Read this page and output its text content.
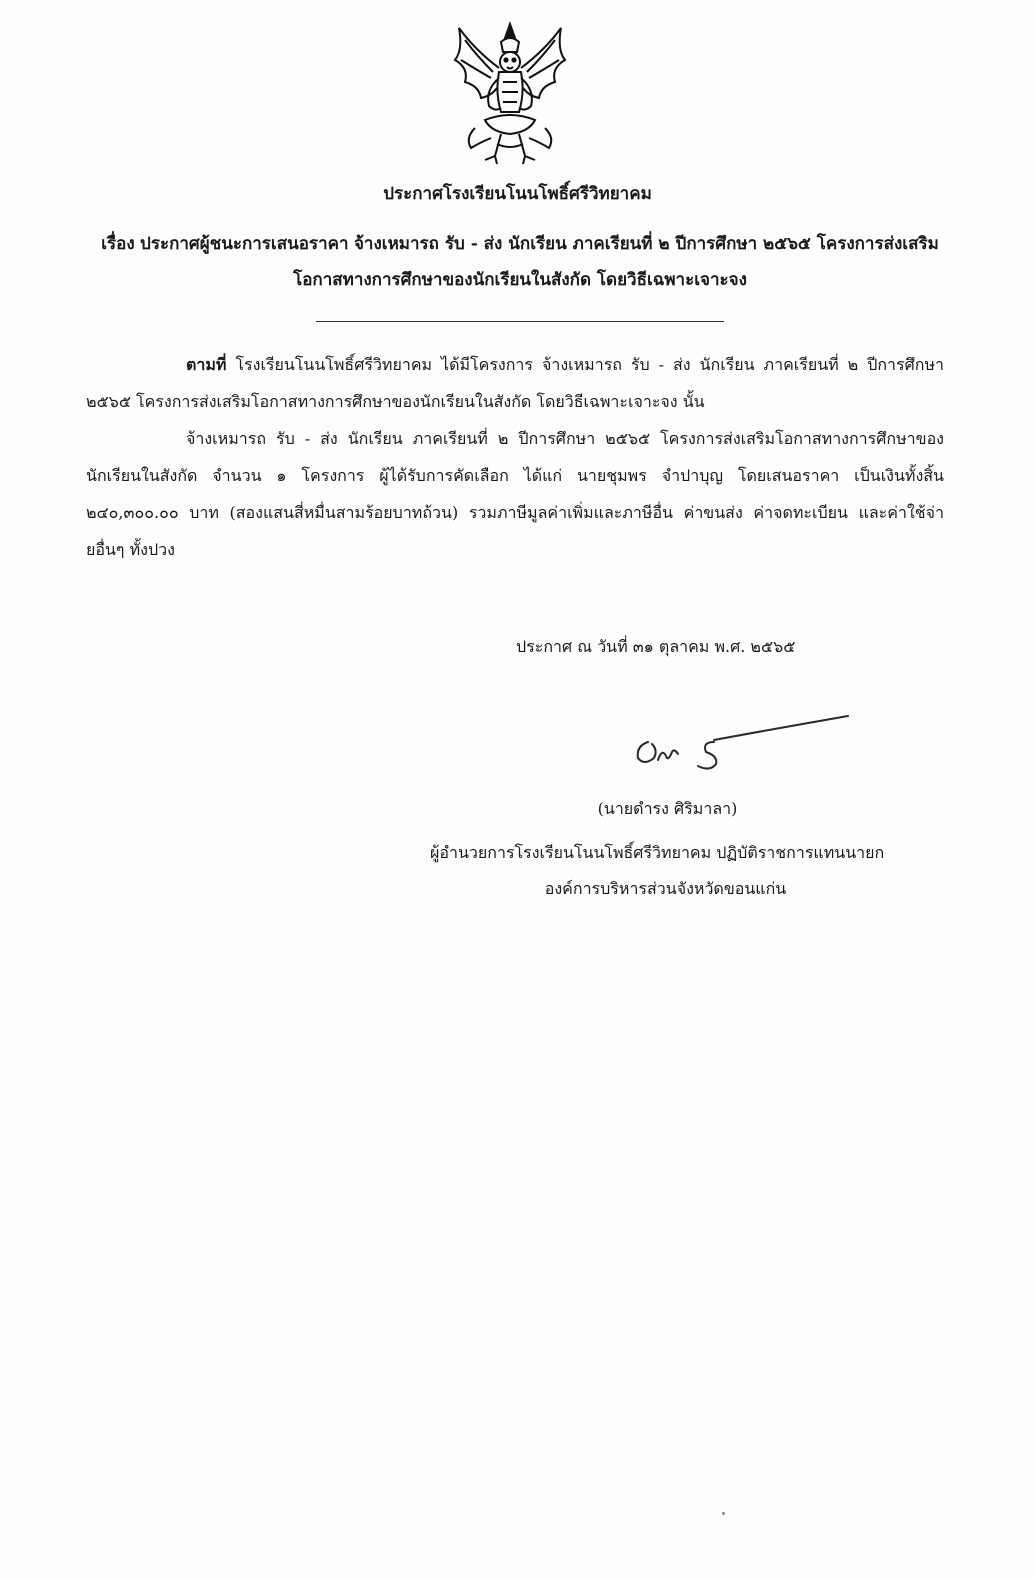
ประกาศโรงเรียนโนนโพธิ์ศรีวิทยาคม
เรื่อง ประกาศผู้ชนะการเสนอราคา จ้างเหมารถ รับ - ส่ง นักเรียน ภาคเรียนที่ ๒ ปีการศึกษา ๒๕๖๕ โครงการส่งเสริมโอกาสทางการศึกษาของนักเรียนในสังกัด โดยวิธีเฉพาะเจาะจง
ตามที่ โรงเรียนโนนโพธิ์ศรีวิทยาคม ได้มีโครงการ จ้างเหมารถ รับ - ส่ง นักเรียน ภาคเรียนที่ ๒ ปีการศึกษา ๒๕๖๕ โครงการส่งเสริมโอกาสทางการศึกษาของนักเรียนในสังกัด โดยวิธีเฉพาะเจาะจง นั้น
จ้างเหมารถ รับ - ส่ง นักเรียน ภาคเรียนที่ ๒ ปีการศึกษา ๒๕๖๕ โครงการส่งเสริมโอกาสทางการศึกษาของนักเรียนในสังกัด จำนวน ๑ โครงการ ผู้ได้รับการคัดเลือก ได้แก่ นายชุมพร จำปาบุญ โดยเสนอราคา เป็นเงินทั้งสิ้น ๒๔๐,๓๐๐.๐๐ บาท (สองแสนสี่หมื่นสามร้อยบาทถ้วน) รวมภาษีมูลค่าเพิ่มและภาษีอื่น ค่าขนส่ง ค่าจดทะเบียน และค่าใช้จ่ายอื่นๆ ทั้งปวง
ประกาศ ณ วันที่ ๓๑ ตุลาคม พ.ศ. ๒๕๖๕
(นายดำรง ศิริมาลา)
ผู้อำนวยการโรงเรียนโนนโพธิ์ศรีวิทยาคม ปฏิบัติราชการแทนนายก
องค์การบริหารส่วนจังหวัดขอนแก่น
